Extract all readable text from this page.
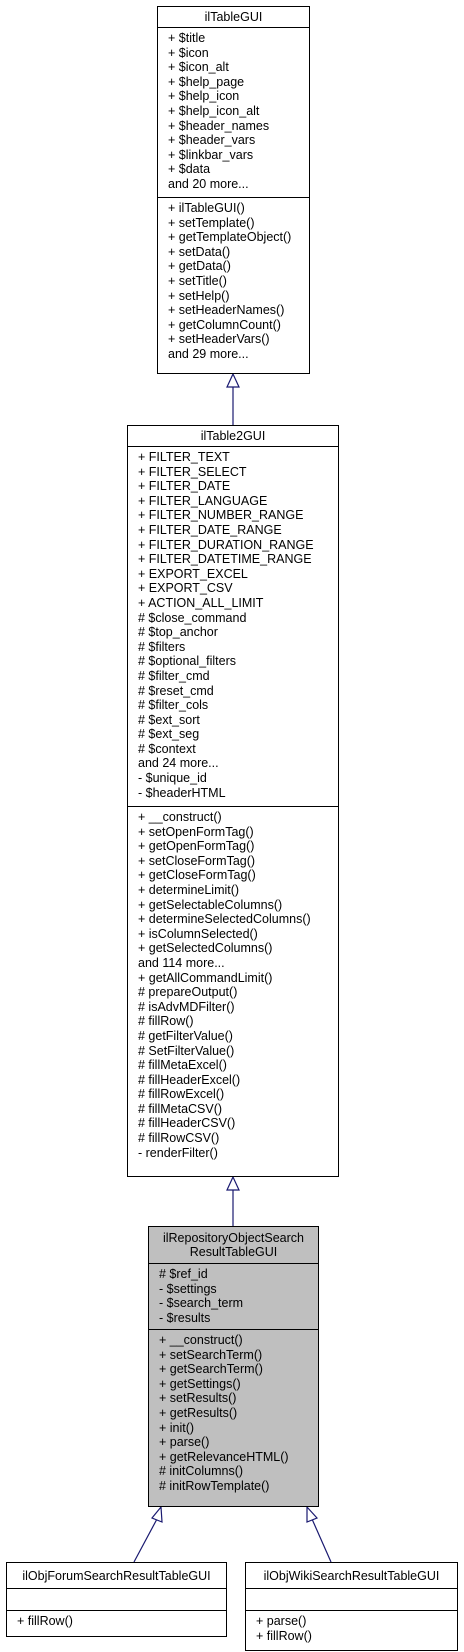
ilTableGUI
+ $title
+ $icon
+ $icon_alt
+ $help_page
+ $help_icon
+ $help_icon_alt
+ $header_names
+ $header_vars
+ $linkbar_vars
+ $data
and 20 more...
+ ilTableGUI()
+ setTemplate()
+ getTemplateObject()
+ setData()
+ getData()
+ setTitle()
+ setHelp()
+ setHeaderNames()
+ getColumnCount()
+ setHeaderVars()
and 29 more...
ilTable2GUI
+ FILTER_TEXT
+ FILTER_SELECT
+ FILTER_DATE
+ FILTER_LANGUAGE
+ FILTER_NUMBER_RANGE
+ FILTER_DATE_RANGE
+ FILTER_DURATION_RANGE
+ FILTER_DATETIME_RANGE
+ EXPORT_EXCEL
+ EXPORT_CSV
+ ACTION_ALL_LIMIT
# $close_command
# $top_anchor
# $filters
# $optional_filters
# $filter_cmd
# $reset_cmd
# $filter_cols
# $ext_sort
# $ext_seg
# $context
and 24 more...
- $unique_id
- $headerHTML
+ __construct()
+ setOpenFormTag()
+ getOpenFormTag()
+ setCloseFormTag()
+ getCloseFormTag()
+ determineLimit()
+ getSelectableColumns()
+ determineSelectedColumns()
+ isColumnSelected()
+ getSelectedColumns()
and 114 more...
+ getAllCommandLimit()
# prepareOutput()
# isAdvMDFilter()
# fillRow()
# getFilterValue()
# SetFilterValue()
# fillMetaExcel()
# fillHeaderExcel()
# fillRowExcel()
# fillMetaCSV()
# fillHeaderCSV()
# fillRowCSV()
- renderFilter()
ilRepositoryObjectSearch
ResultTableGUI
# $ref_id
- $settings
- $search_term
- $results
+ __construct()
+ setSearchTerm()
+ getSearchTerm()
+ getSettings()
+ setResults()
+ getResults()
+ init()
+ parse()
+ getRelevanceHTML()
# initColumns()
# initRowTemplate()
ilObjForumSearchResultTableGUI
+ fillRow()
ilObjWikiSearchResultTableGUI
+ parse()
+ fillRow()
